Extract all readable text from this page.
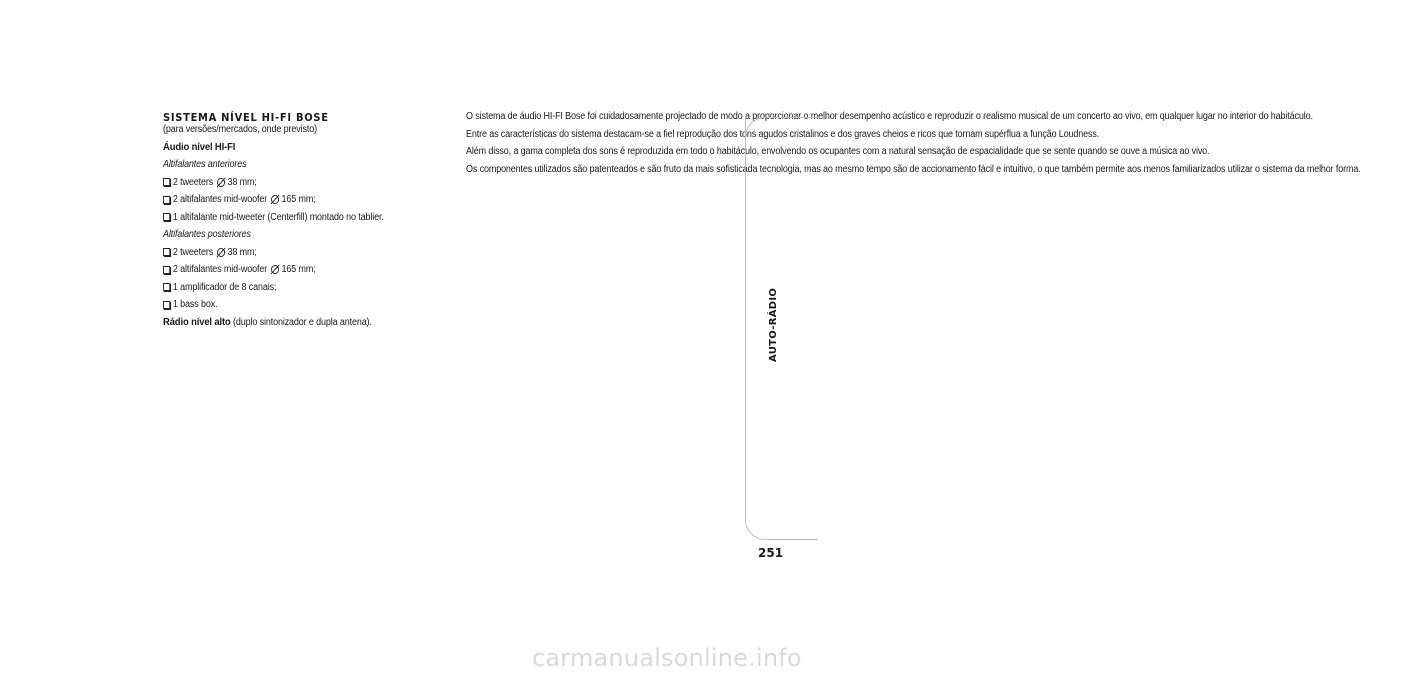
SISTEMA NÍVEL HI-FI BOSE

(para versões/mercados, onde previsto)

Áudio nível HI-FI

Altifalantes anteriores

2 tweeters 38 mm;
2 altifalantes mid-woofer 165 mm;
1 altifalante mid-tweeter (Centerfill) montado no tablier.

Altifalantes posteriores

2 tweeters 38 mm;
2 altifalantes mid-woofer 165 mm;
1 amplificador de 8 canais;
1 bass box.

Rádio nível alto (duplo sintonizador e dupla antena).

O sistema de áudio HI-FI Bose foi cuidadosamente projectado de modo a proporcionar o melhor desempenho acústico e reproduzir o realismo musical de um concerto ao vivo, em qualquer lugar no interior do habitáculo.

Entre as características do sistema destacam-se a fiel reprodução dos tons agudos cristalinos e dos graves cheios e ricos que tornam supérflua a função Loudness.

Além disso, a gama completa dos sons é reproduzida em todo o habitáculo, envolvendo os ocupantes com a natural sensação de espacialidade que se sente quando se ouve a música ao vivo.

Os componentes utilizados são patenteados e são fruto da mais sofisticada tecnologia, mas ao mesmo tempo são de accionamento fácil e intuitivo, o que também permite aos menos familiarizados utilizar o sistema da melhor forma.

AUTO-RÁDIO
251
carmanualsonline.info
